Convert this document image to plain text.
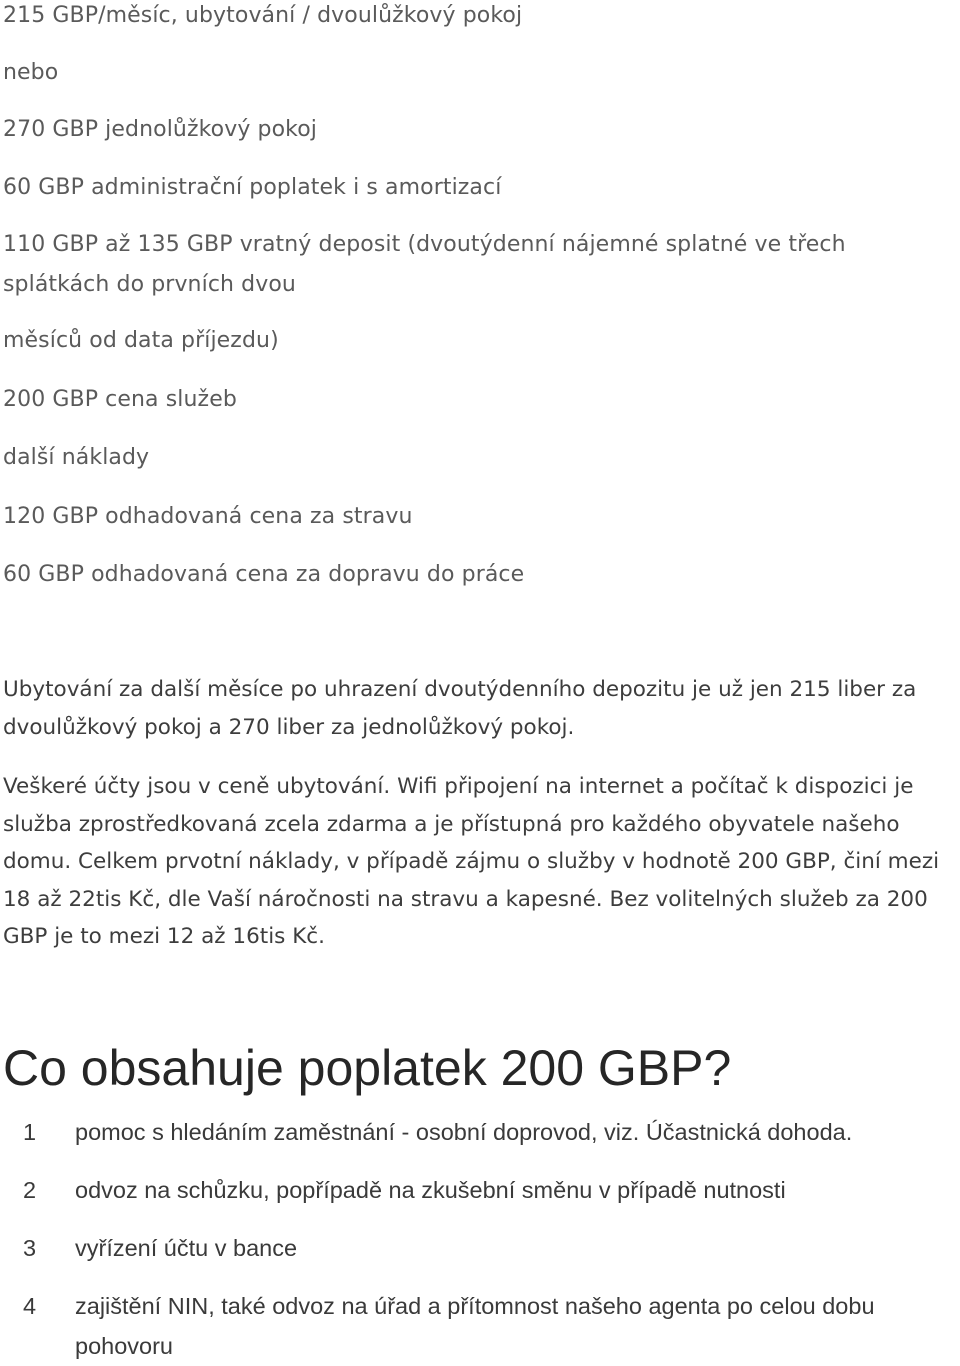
215 GBP/měsíc, ubytování / dvoulůžkový pokoj
nebo
270 GBP jednolůžkový pokoj
60 GBP administrační poplatek i s amortizací
110 GBP až 135 GBP vratný deposit (dvoutýdenní nájemné splatné ve třech splátkách do prvních dvou
měsíců od data příjezdu)
200 GBP cena služeb
další náklady
120 GBP odhadovaná cena za stravu
60 GBP odhadovaná cena za dopravu do práce

Ubytování za další měsíce po uhrazení dvoutýdenního depozitu je už jen 215 liber za dvoulůžkový pokoj a 270 liber za jednolůžkový pokoj.

Veškeré účty jsou v ceně ubytování. Wifi připojení na internet a počítač k dispozici je služba zprostředkovaná zcela zdarma a je přístupná pro každého obyvatele našeho domu. Celkem prvotní náklady, v případě zájmu o služby v hodnotě 200 GBP, činí mezi 18 až 22tis Kč, dle Vaší náročnosti na stravu a kapesné. Bez volitelných služeb za 200 GBP je to mezi 12 až 16tis Kč.

Co obsahuje poplatek 200 GBP?
1	pomoc s hledáním zaměstnání - osobní doprovod, viz. Účastnická dohoda.
2	odvoz na schůzku, popřípadě na zkušební směnu v případě nutnosti
3	vyřízení účtu v bance
4	zajištění NIN, také odvoz na úřad a přítomnost našeho agenta po celou dobu pohovoru
